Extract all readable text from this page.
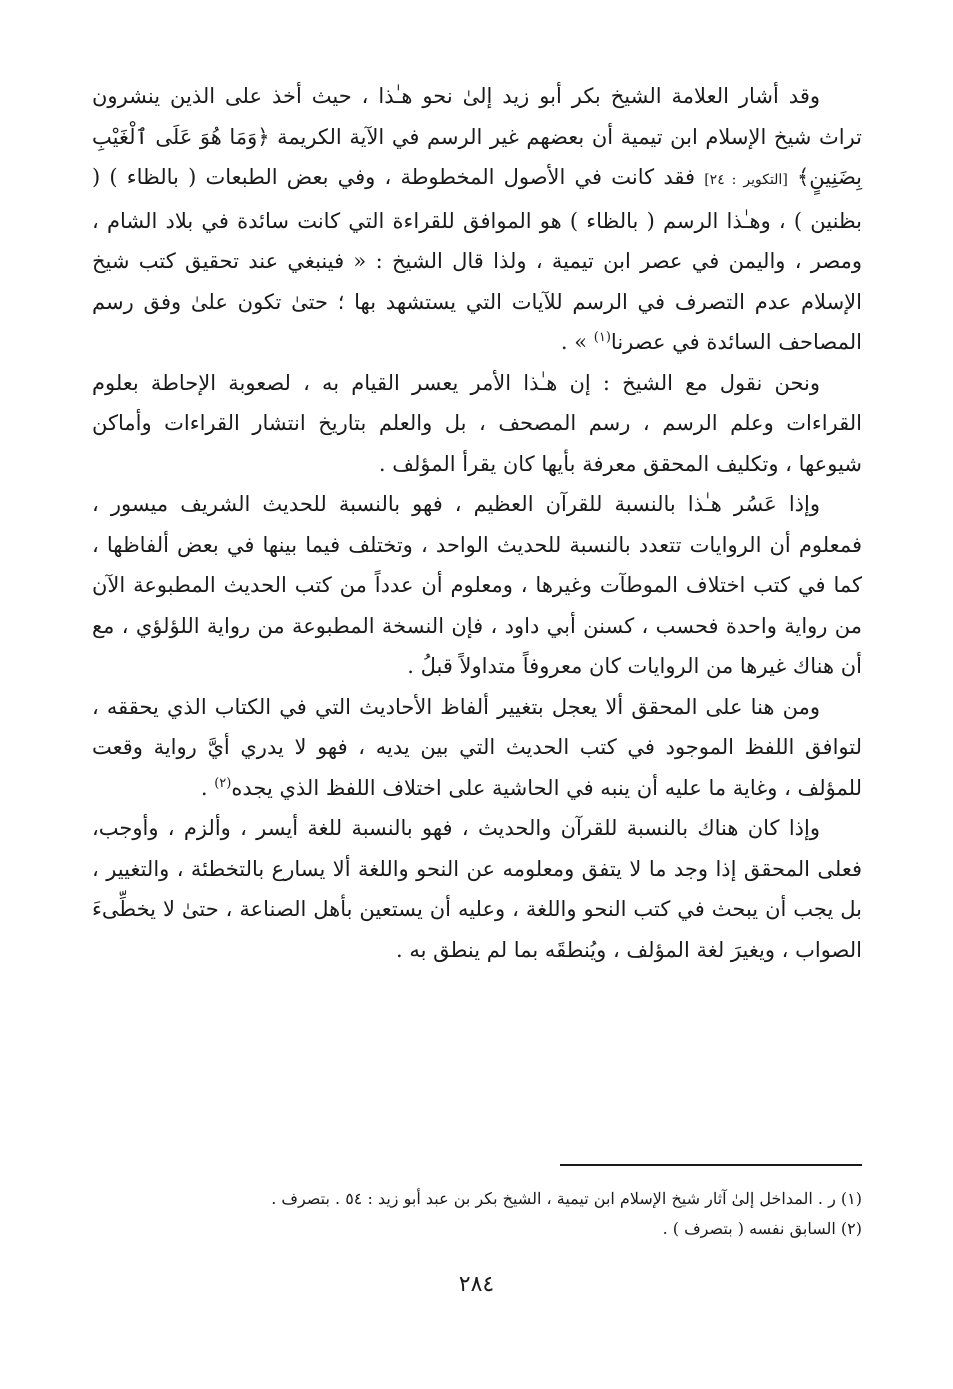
وقد أشار العلامة الشيخ بكر أبو زيد إلىٰ نحو هـٰذا ، حيث أخذ على الذين ينشرون تراث شيخ الإسلام ابن تيمية أن بعضهم غير الرسم في الآية الكريمة ﴿وَمَا هُوَ عَلَى ٱلْغَيْبِ بِضَنِينٍ﴾ [التكوير : ٢٤] فقد كانت في الأصول المخطوطة ، وفي بعض الطبعات ( بالظاء ) ( بظنين ) ، وهـٰذا الرسم ( بالظاء ) هو الموافق للقراءة التي كانت سائدة في بلاد الشام ، ومصر ، واليمن في عصر ابن تيمية ، ولذا قال الشيخ : « فينبغي عند تحقيق كتب شيخ الإسلام عدم التصرف في الرسم للآيات التي يستشهد بها ؛ حتىٰ تكون علىٰ وفق رسم المصاحف السائدة في عصرنا$^{(١)}$ » .

ونحن نقول مع الشيخ : إن هـٰذا الأمر يعسر القيام به ، لصعوبة الإحاطة بعلوم القراءات وعلم الرسم ، رسم المصحف ، بل والعلم بتاريخ انتشار القراءات وأماكن شيوعها ، وتكليف المحقق معرفة بأيها كان يقرأ المؤلف .

وإذا عَسُر هـٰذا بالنسبة للقرآن العظيم ، فهو بالنسبة للحديث الشريف ميسور ، فمعلوم أن الروايات تتعدد بالنسبة للحديث الواحد ، وتختلف فيما بينها في بعض ألفاظها ، كما في كتب اختلاف الموطآت وغيرها ، ومعلوم أن عدداً من كتب الحديث المطبوعة الآن من رواية واحدة فحسب ، كسنن أبي داود ، فإن النسخة المطبوعة من رواية اللؤلؤي ، مع أن هناك غيرها من الروايات كان معروفاً متداولاً قبلُ .

ومن هنا على المحقق ألا يعجل بتغيير ألفاظ الأحاديث التي في الكتاب الذي يحققه ، لتوافق اللفظ الموجود في كتب الحديث التي بين يديه ، فهو لا يدري أيَّ رواية وقعت للمؤلف ، وغاية ما عليه أن ينبه في الحاشية على اختلاف اللفظ الذي يجده$^{(٢)}$ .

وإذا كان هناك بالنسبة للقرآن والحديث ، فهو بالنسبة للغة أيسر ، وألزم ، وأوجب، فعلى المحقق إذا وجد ما لا يتفق ومعلومه عن النحو واللغة ألا يسارع بالتخطئة ، والتغيير ، بل يجب أن يبحث في كتب النحو واللغة ، وعليه أن يستعين بأهل الصناعة ، حتىٰ لا يخطِّىءَ الصواب ، ويغيرَ لغة المؤلف ، ويُنطقَه بما لم ينطق به .

(١) ر . المداخل إلىٰ آثار شيخ الإسلام ابن تيمية ، الشيخ بكر بن عبد أبو زيد : ٥٤ . بتصرف .
(٢) السابق نفسه ( بتصرف ) .
٢٨٤
